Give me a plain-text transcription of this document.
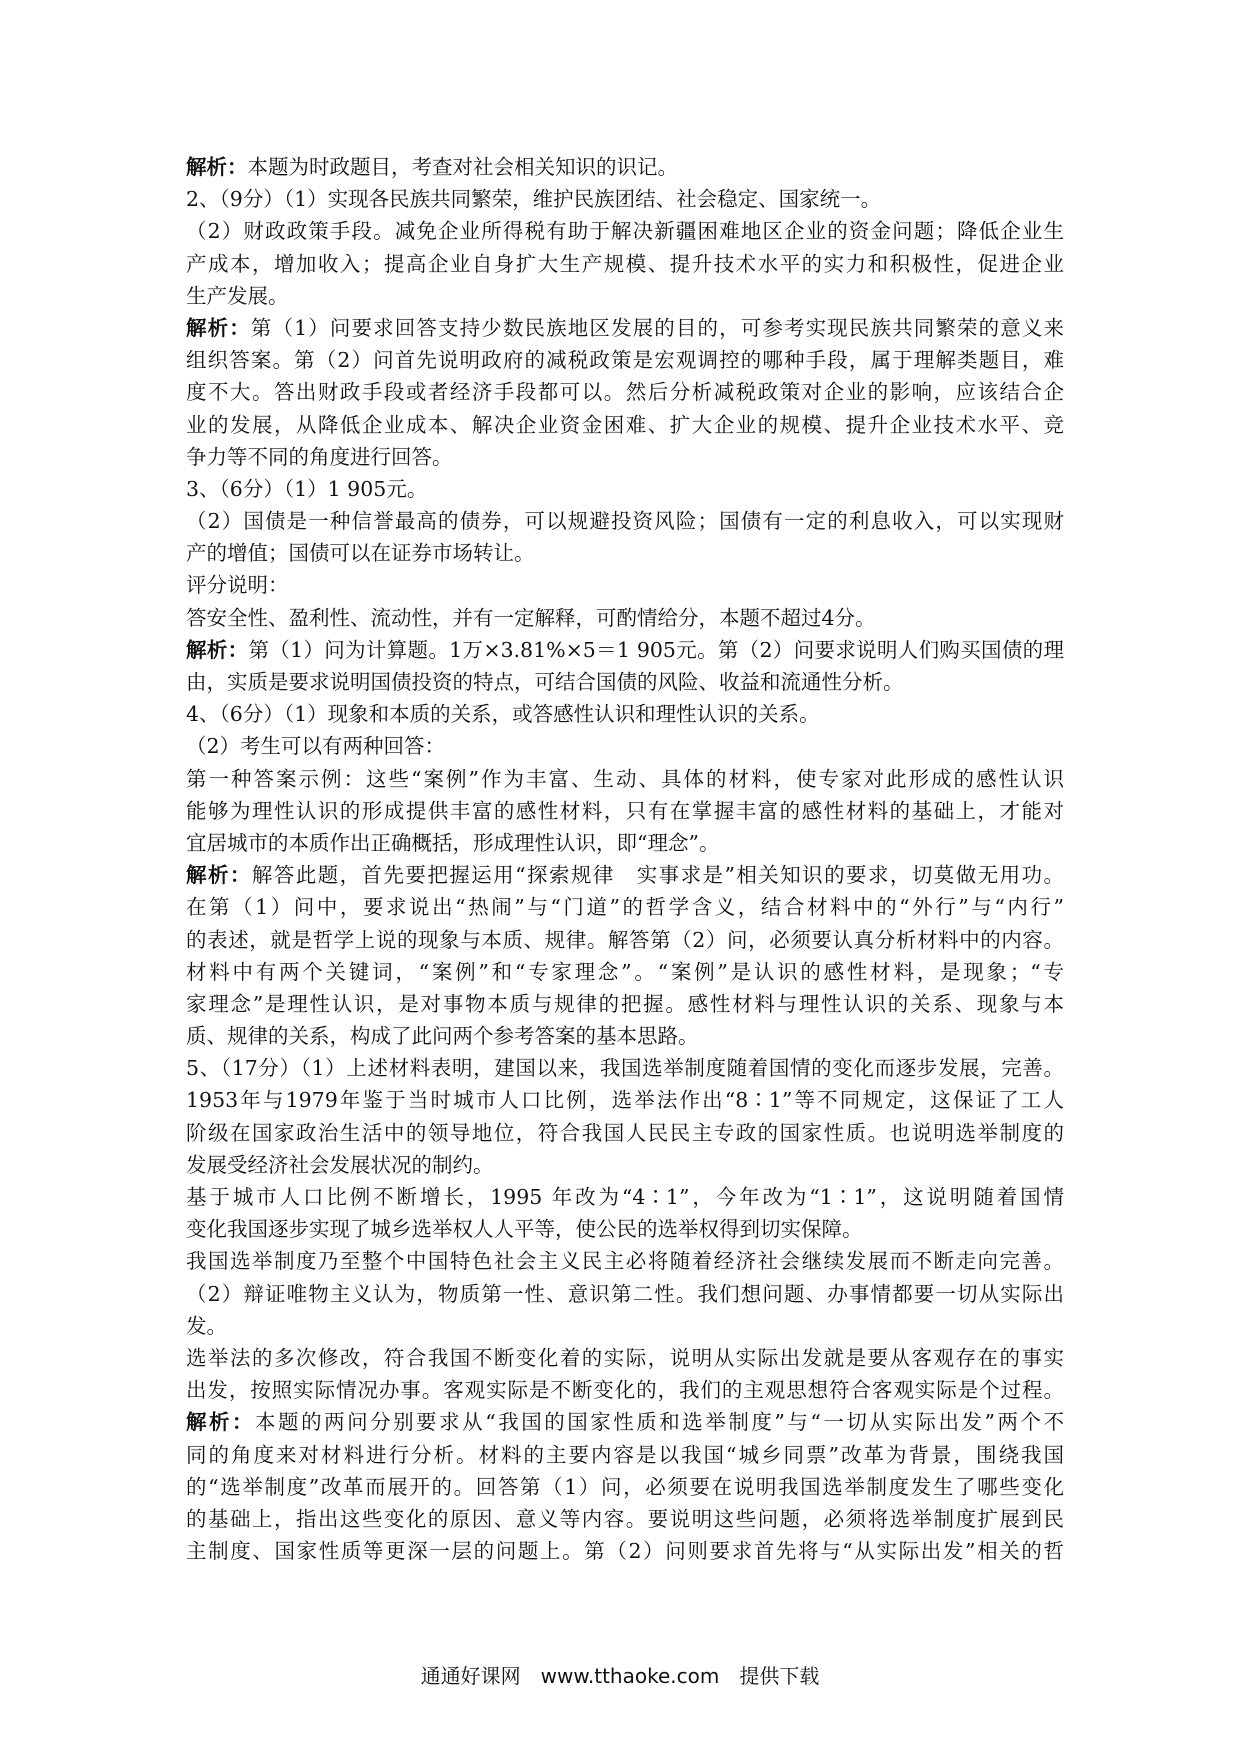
解析：本题为时政题目，考查对社会相关知识的识记。
2、（9分）（1）实现各民族共同繁荣，维护民族团结、社会稳定、国家统一。
（2）财政政策手段。减免企业所得税有助于解决新疆困难地区企业的资金问题；降低企业生
产成本，增加收入；提高企业自身扩大生产规模、提升技术水平的实力和积极性，促进企业
生产发展。
解析：第（1）问要求回答支持少数民族地区发展的目的，可参考实现民族共同繁荣的意义来
组织答案。第（2）问首先说明政府的减税政策是宏观调控的哪种手段，属于理解类题目，难
度不大。答出财政手段或者经济手段都可以。然后分析减税政策对企业的影响，应该结合企
业的发展，从降低企业成本、解决企业资金困难、扩大企业的规模、提升企业技术水平、竞
争力等不同的角度进行回答。
3、（6分）（1）1 905元。
（2）国债是一种信誉最高的债券，可以规避投资风险；国债有一定的利息收入，可以实现财
产的增值；国债可以在证券市场转让。
评分说明：
答安全性、盈利性、流动性，并有一定解释，可酌情给分，本题不超过4分。
解析：第（1）问为计算题。1万×3.81%×5＝1 905元。第（2）问要求说明人们购买国债的理
由，实质是要求说明国债投资的特点，可结合国债的风险、收益和流通性分析。
4、（6分）（1）现象和本质的关系，或答感性认识和理性认识的关系。
（2）考生可以有两种回答：
第一种答案示例：这些“案例”作为丰富、生动、具体的材料，使专家对此形成的感性认识
能够为理性认识的形成提供丰富的感性材料，只有在掌握丰富的感性材料的基础上，才能对
宜居城市的本质作出正确概括，形成理性认识，即“理念”。
解析：解答此题，首先要把握运用“探索规律　实事求是”相关知识的要求，切莫做无用功。
在第（1）问中，要求说出“热闹”与“门道”的哲学含义，结合材料中的“外行”与“内行”
的表述，就是哲学上说的现象与本质、规律。解答第（2）问，必须要认真分析材料中的内容。
材料中有两个关键词，“案例”和“专家理念”。“案例”是认识的感性材料，是现象；“专
家理念”是理性认识，是对事物本质与规律的把握。感性材料与理性认识的关系、现象与本
质、规律的关系，构成了此问两个参考答案的基本思路。
5、（17分）（1）上述材料表明，建国以来，我国选举制度随着国情的变化而逐步发展，完善。
1953年与1979年鉴于当时城市人口比例，选举法作出“8∶1”等不同规定，这保证了工人
阶级在国家政治生活中的领导地位，符合我国人民民主专政的国家性质。也说明选举制度的
发展受经济社会发展状况的制约。
基于城市人口比例不断增长，1995 年改为“4∶1”，今年改为“1∶1”，这说明随着国情
变化我国逐步实现了城乡选举权人人平等，使公民的选举权得到切实保障。
我国选举制度乃至整个中国特色社会主义民主必将随着经济社会继续发展而不断走向完善。
（2）辩证唯物主义认为，物质第一性、意识第二性。我们想问题、办事情都要一切从实际出
发。
选举法的多次修改，符合我国不断变化着的实际，说明从实际出发就是要从客观存在的事实
出发，按照实际情况办事。客观实际是不断变化的，我们的主观思想符合客观实际是个过程。
解析：本题的两问分别要求从“我国的国家性质和选举制度”与“一切从实际出发”两个不
同的角度来对材料进行分析。材料的主要内容是以我国“城乡同票”改革为背景，围绕我国
的“选举制度”改革而展开的。回答第（1）问，必须要在说明我国选举制度发生了哪些变化
的基础上，指出这些变化的原因、意义等内容。要说明这些问题，必须将选举制度扩展到民
主制度、国家性质等更深一层的问题上。第（2）问则要求首先将与“从实际出发”相关的哲
通通好课网　www.tthaoke.com　提供下载
